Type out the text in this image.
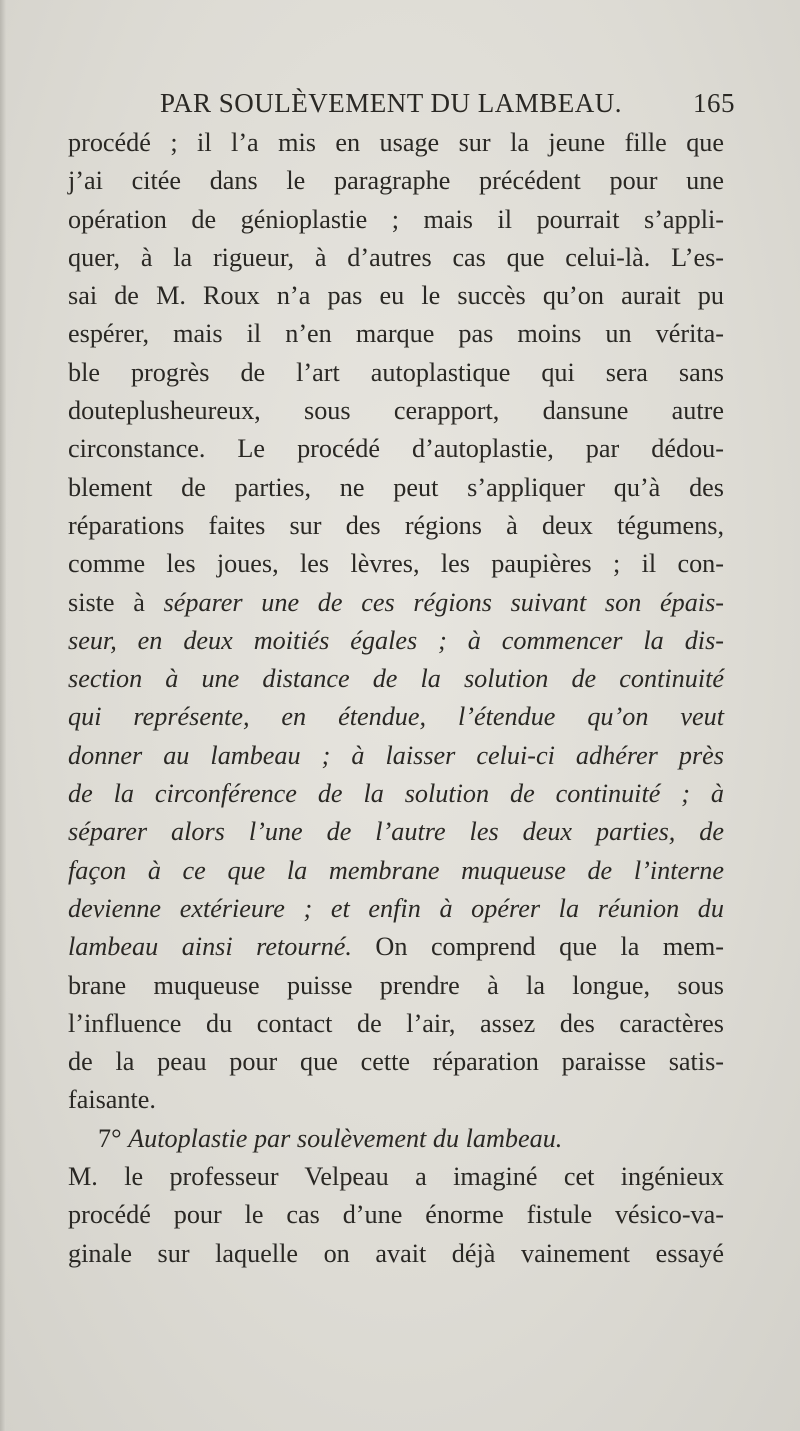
PAR SOULÈVEMENT DU LAMBEAU.	165
procédé ; il l’a mis en usage sur la jeune fille que
j’ai citée dans le paragraphe précédent pour une
opération de génioplastie ; mais il pourrait s’appli-
quer, à la rigueur, à d’autres cas que celui-là. L’es-
sai de M. Roux n’a pas eu le succès qu’on aurait pu
espérer, mais il n’en marque pas moins un vérita-
ble progrès de l’art autoplastique qui sera sans
douteplusheureux, sous cerapport, dansune autre
circonstance. Le procédé d’autoplastie, par dédou-
blement de parties, ne peut s’appliquer qu’à des
réparations faites sur des régions à deux tégumens,
comme les joues, les lèvres, les paupières ; il con-
siste à séparer une de ces régions suivant son épais-
seur, en deux moitiés égales ; à commencer la dis-
section à une distance de la solution de continuité
qui représente, en étendue, l’étendue qu’on veut
donner au lambeau ; à laisser celui-ci adhérer près
de la circonférence de la solution de continuité ; à
séparer alors l’une de l’autre les deux parties, de
façon à ce que la membrane muqueuse de l’interne
devienne extérieure ; et enfin à opérer la réunion du
lambeau ainsi retourné. On comprend que la mem-
brane muqueuse puisse prendre à la longue, sous
l’influence du contact de l’air, assez des caractères
de la peau pour que cette réparation paraisse satis-
faisante.
7° Autoplastie par soulèvement du lambeau.
M. le professeur Velpeau a imaginé cet ingénieux
procédé pour le cas d’une énorme fistule vésico-va-
ginale sur laquelle on avait déjà vainement essayé
